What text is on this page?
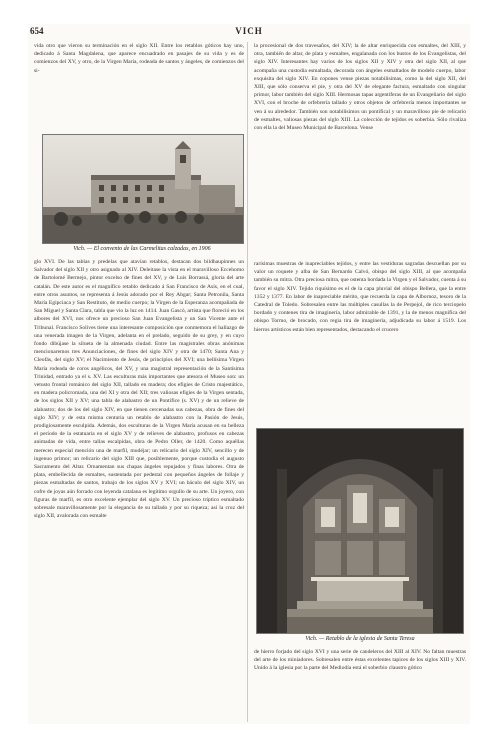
654	VICH
vida otro que vieron su terminación en el siglo XII. Entre los retablos góticos hay uno, dedicado á Santa Magdalena, que aparece encuadrado en pasajes de su vida y es de comienzos del XV, y otro, de la Virgen María, rodeada de santos y ángeles, de comienzos del si-
Vich. — El convento de las Carmelitas calzadas, en 1906
la procesional de dos travesaños, del XIV; la de altar enriquecida con esmaltes, del XIII, y otra, también de altar, de plata y esmaltes, engalanada con los bustos de los Evangelistas, del siglo XIV. Interesantes hay varios de los siglos XII y XIV y otra del siglo XII, al que acompaña una custodia esmaltada, decorada con ángeles esmaltados de modelo cuerpo, labor exquisita del siglo XIV. En copones vense piezas notabilísimas, como la del siglo XII, del XIII, que sólo conserva el pie, y otra del XV de elegante factura, esmaltado con singular primor, labor también del siglo XIII. Hermosas tapas argentíferas de un Evangeliario del siglo XVI, con el broche de orfebrería tallado y otros objetos de orfebrería menos importantes se ven á su alrededor. También son notabilísimos un pontifical y un maravilloso pie de relicario de esmaltes, valiosas piezas del siglo XIII. La colección de tejidos es soberbia. Sólo rivaliza con ella la del Museo Municipal de Barcelona. Vense
glo XVI. De las tablas y predelas que atavían retablos, destacan dos bildhaupinnes un Salvador del siglo XII y otro asignado al XIV. Deleitase la vista en el maravilloso Eccehomo de Bartolomé Bermejo, pintor excelso de fines del XV, y de Luis Borrassá, gloria del arte catalán. De este autor es el magnífico retablo dedicado á San Francisco de Asís, en el cual, entre otros asuntos, se representa á Jesús adorado por el Rey Abgar; Santa Petronila, Santa María Egipciaca y San Restituto, de medio cuerpo; la Virgen de la Esperanza acompañada de San Miguel y Santa Clara, tabla que vio la luz en 1414. Juan Gascó, artista que floreció en los albores del XVI, nos ofrece un precioso San Juan Evangelista y un San Vicente ante el Tribunal. Francisco Solives tiene una interesante composición que conmemora el hallazgo de una venerada imagen de la Virgen, adelanta en el prelado, seguido de su grey, y en cuyo fondo dibújase la silueta de la almenada ciudad. Entre las magistrales obras anónimas mencionaremos tres Anunciaciones, de fines del siglo XIV y otra de 1470; Santa Ana y Cleofás, del siglo XV; el Nacimiento de Jesús, de principios del XVI; una bellísima Virgen María rodeada de coros angélicos, del XV, y una magistral representación de la Santísima Trinidad, entrado ya el s. XV. Las esculturas más importantes que atesora el Museo son: un vetusto frontal románico del siglo XII, tallado en madera; dos efigies de Cristo majestático, en madera policromada, una del XI y otra del XII; tres valiosas efigies de la Virgen sentada, de los siglos XII y XV; una tabla de alabastro de un Pontífice (s. XV) y de un relieve de alabastro; dos de los del siglo XIV, en que tienen cercenadas sus cabezas, obra de fines del siglo XIV; y de esta misma centuria un retablo de alabastro con la Pasión de Jesús, prodigiosamente esculpida. Además, dos esculturas de la Virgen María acusan en su belleza el período de la estatuaria en el siglo XV y de relieves de alabastro, profusos en cabezas animadas de vida, entre tallas escalpidas, obra de Pedro Oller, de 1420. Como aquéllas merecen especial mención una de marfil, mudéjar; un relicario del siglo XIV, sencillo y de ingenuo primor; un relicario del siglo XIII que, posiblemente, porque custodia el augusto Sacramento del Altar. Ornamentan sus chapas ángeles repujados y finas labores. Otra de plata, embellecida de esmaltes, sustentada por pedestal con pequeños ángeles de follaje y piezas esmaltadas de santos, trabajo de los siglos XV y XVI; un báculo del siglo XIV, un cofre de joyas aún forrado con leyenda catalana es legítimo orgullo de su arte. Un joyero, con figuras de marfil, es otro excelente ejemplar del siglo XV. Un precioso tríptico esmaltado sobresale maravillosamente por la elegancia de su tallado y por su riqueza; así la cruz del siglo XII, avalorada con esmalte
rarísimas muestras de inapreciables tejidos, y entre las vestiduras sagradas descuellan por su valor un roquete y alba de San Bernardo Calvó, obispo del siglo XIII, al que acompaña también su mitra. Otra preciosa mitra, que ostenta bordada la Virgen y el Salvador, cuenta á su favor el siglo XIV. Tejido riquísimo es el de la capa pluvial del obispo Bellera, que la entre 1352 y 1377. En labor de inapreciable mérito, que recuerda la capa de Albornoz, tesoro de la Catedral de Toledo. Sobresalen entre las múltiples casullas la de Perpejol, de rico terciopelo bordado y contenes tira de imaginería, labor admirable de 1391, y la de menos magnífica del obispo Tormo, de brocado, con regia tira de imaginería, adjudicada su labor á 1519. Los hierros artísticos están bien representados, destacando el crucero
Vich. — Retablo de la iglesia de Santa Teresa
de hierro forjado del siglo XVI y una serie de candeleros del XIII al XIV. No faltan muestras del arte de los miniadores. Sobresalen entre éstas excelentes tapices de los siglos XIII y XIV. Unido á la iglesia por la parte del Mediodía está el soberbio claustro gótico
